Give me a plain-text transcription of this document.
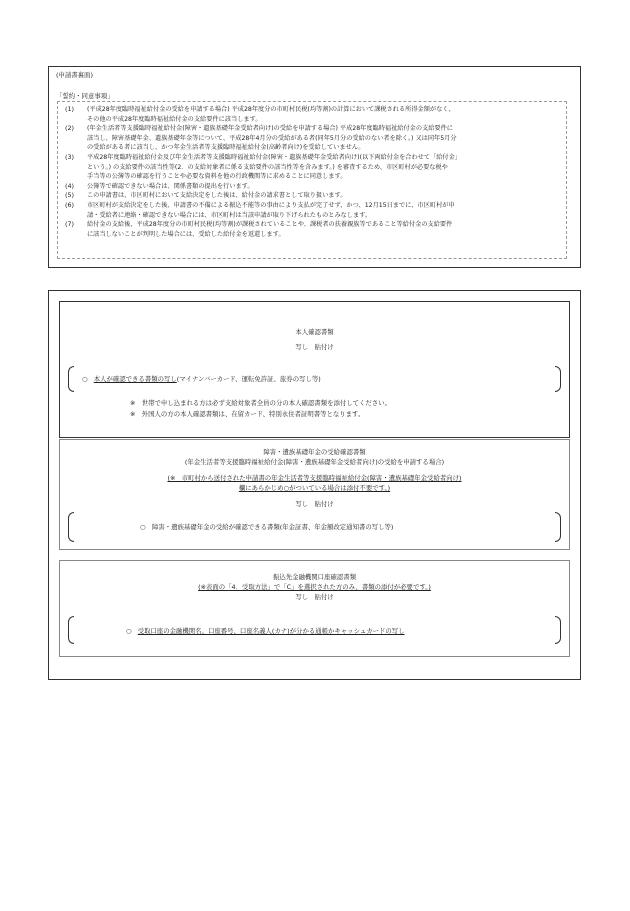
(申請書裏面)
「誓約・同意事項」
(1) (平成28年度臨時福祉給付金の受給を申請する場合) 平成28年度分の市町村民税(均等割)の計算において課税される所得金額がなく、
その他の平成28年度臨時福祉給付金の支給要件に該当します。
(2) (年金生活者等支援臨時福祉給付金(障害・遺族基礎年金受給者向け)の受給を申請する場合) 平成28年度臨時福祉給付金の支給要件に
該当し、障害基礎年金、遺族基礎年金等について、平成28年4月分の受給がある者(同年5月分の受給のない者を除く。) 又は同年5月分
の受給がある者に該当し、かつ年金生活者等支援臨時福祉給付金(高齢者向け)を受給していません。
(3) 平成28年度臨時福祉給付金及び年金生活者等支援臨時福祉給付金(障害・遺族基礎年金受給者向け)(以下両給付金を合わせて「給付金」
という。) の支給要件の該当性等(2．の支給対象者に係る支給要件の該当性等を含みます。) を審査するため、市区町村が必要な税や
手当等の公簿等の確認を行うことや必要な資料を他の行政機関等に求めることに同意します。
(4) 公簿等で確認できない場合は、関係書類の提出を行います。
(5) この申請書は、市区町村において支給決定をした後は、給付金の請求書として取り扱います。
(6) 市区町村が支給決定をした後、申請書の不備による振込不能等の事由により支払が完了せず、かつ、12月15日までに、市区町村が申
請・受給者に連絡・確認できない場合には、市区町村は当該申請が取り下げられたものとみなします。
(7) 給付金の支給後、平成28年度分の市町村民税(均等割)が課税されていることや、課税者の扶養親族等であること等給付金の支給要件
に該当しないことが判明した場合には、受給した給付金を返還します。
本人確認書類
写し　貼付け
○ 本人が確認できる書類の写し(マイナンバーカード、運転免許証、旅券の写し等)
※　世帯で申し込まれる方は必ず支給対象者全員の分の本人確認書類を添付してください。
※　外国人の方の本人確認書類は、在留カード、特別永住者証明書等となります。
障害・遺族基礎年金の受給確認書類
(年金生活者等支援臨時福祉給付金(障害・遺族基礎年金受給者向け)の受給を申請する場合)
(※　市町村から送付された申請書の年金生活者等支援臨時福祉給付金(障害・遺族基礎年金受給者向け)
欄にあらかじめ○がついている場合は添付不要です。)
写し　貼付け
○　障害・遺族基礎年金の受給が確認できる書類(年金証書、年金額改定通知書の写し等)
振込先金融機関口座確認書類
(※表面の「4．受取方法」で「C」を選択された方のみ、書類の添付が必要です。)
写し　貼付け
○ 受取口座の金融機関名、口座番号、口座名義人(カナ)が分かる通帳かキャッシュカードの写し
